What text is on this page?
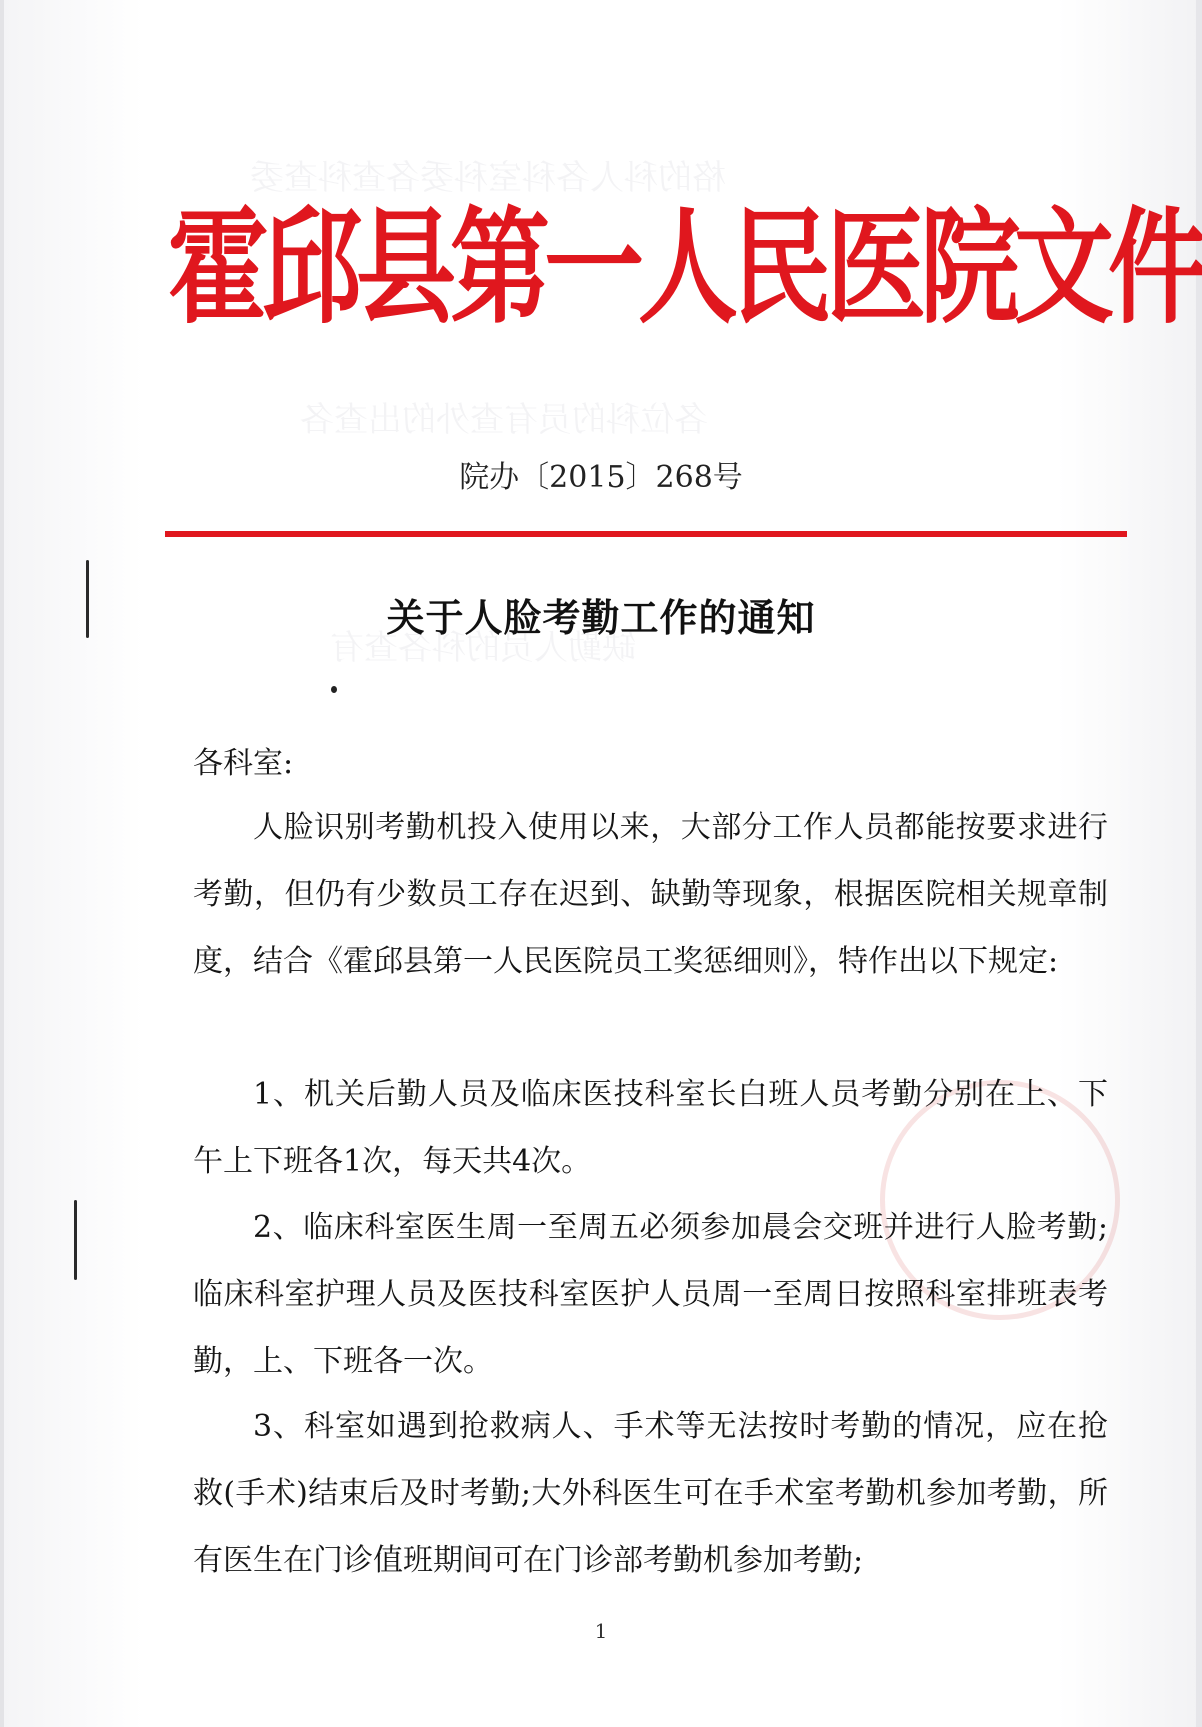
格的科人各科室科委各查科查委
各位科的员有查外的出查各
缺勤人员的科各查有
霍邱县第一人民医院文件
院办〔2015〕268号
关于人脸考勤工作的通知
各科室:
人脸识别考勤机投入使用以来，大部分工作人员都能按要求进行考勤，但仍有少数员工存在迟到、缺勤等现象，根据医院相关规章制度，结合《霍邱县第一人民医院员工奖惩细则》，特作出以下规定:
1、机关后勤人员及临床医技科室长白班人员考勤分别在上、下午上下班各1次，每天共4次。
2、临床科室医生周一至周五必须参加晨会交班并进行人脸考勤;临床科室护理人员及医技科室医护人员周一至周日按照科室排班表考勤，上、下班各一次。
3、科室如遇到抢救病人、手术等无法按时考勤的情况，应在抢救(手术)结束后及时考勤;大外科医生可在手术室考勤机参加考勤，所有医生在门诊值班期间可在门诊部考勤机参加考勤;
1
